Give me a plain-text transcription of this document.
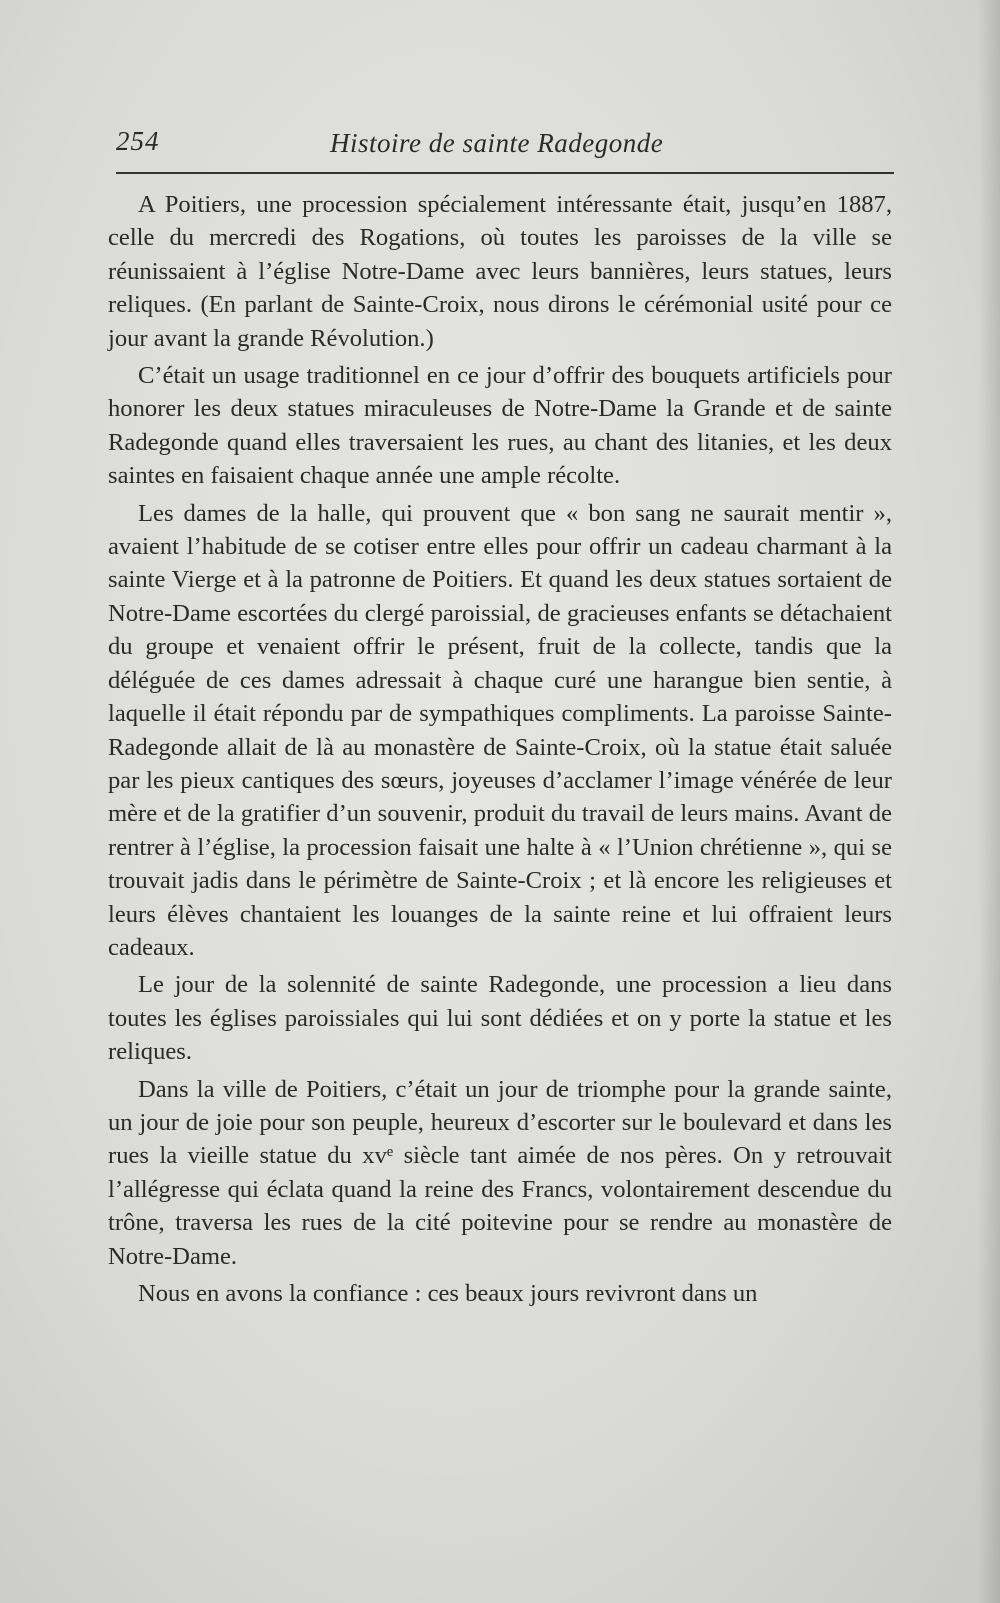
254	Histoire de sainte Radegonde

A Poitiers, une procession spécialement intéressante était, jusqu’en 1887, celle du mercredi des Rogations, où toutes les paroisses de la ville se réunissaient à l’église Notre-Dame avec leurs bannières, leurs statues, leurs reliques. (En parlant de Sainte-Croix, nous dirons le cérémonial usité pour ce jour avant la grande Révolution.)

C’était un usage traditionnel en ce jour d’offrir des bouquets artificiels pour honorer les deux statues miraculeuses de Notre-Dame la Grande et de sainte Radegonde quand elles traversaient les rues, au chant des litanies, et les deux saintes en faisaient chaque année une ample récolte.

Les dames de la halle, qui prouvent que « bon sang ne saurait mentir », avaient l’habitude de se cotiser entre elles pour offrir un cadeau charmant à la sainte Vierge et à la patronne de Poitiers. Et quand les deux statues sortaient de Notre-Dame escortées du clergé paroissial, de gracieuses enfants se détachaient du groupe et venaient offrir le présent, fruit de la collecte, tandis que la déléguée de ces dames adressait à chaque curé une harangue bien sentie, à laquelle il était répondu par de sympathiques compliments. La paroisse Sainte-Radegonde allait de là au monastère de Sainte-Croix, où la statue était saluée par les pieux cantiques des sœurs, joyeuses d’acclamer l’image vénérée de leur mère et de la gratifier d’un souvenir, produit du travail de leurs mains. Avant de rentrer à l’église, la procession faisait une halte à « l’Union chrétienne », qui se trouvait jadis dans le périmètre de Sainte-Croix ; et là encore les religieuses et leurs élèves chantaient les louanges de la sainte reine et lui offraient leurs cadeaux.

Le jour de la solennité de sainte Radegonde, une procession a lieu dans toutes les églises paroissiales qui lui sont dédiées et on y porte la statue et les reliques.

Dans la ville de Poitiers, c’était un jour de triomphe pour la grande sainte, un jour de joie pour son peuple, heureux d’escorter sur le boulevard et dans les rues la vieille statue du xvᵉ siècle tant aimée de nos pères. On y retrouvait l’allégresse qui éclata quand la reine des Francs, volontairement descendue du trône, traversa les rues de la cité poitevine pour se rendre au monastère de Notre-Dame.

Nous en avons la confiance : ces beaux jours revivront dans un
